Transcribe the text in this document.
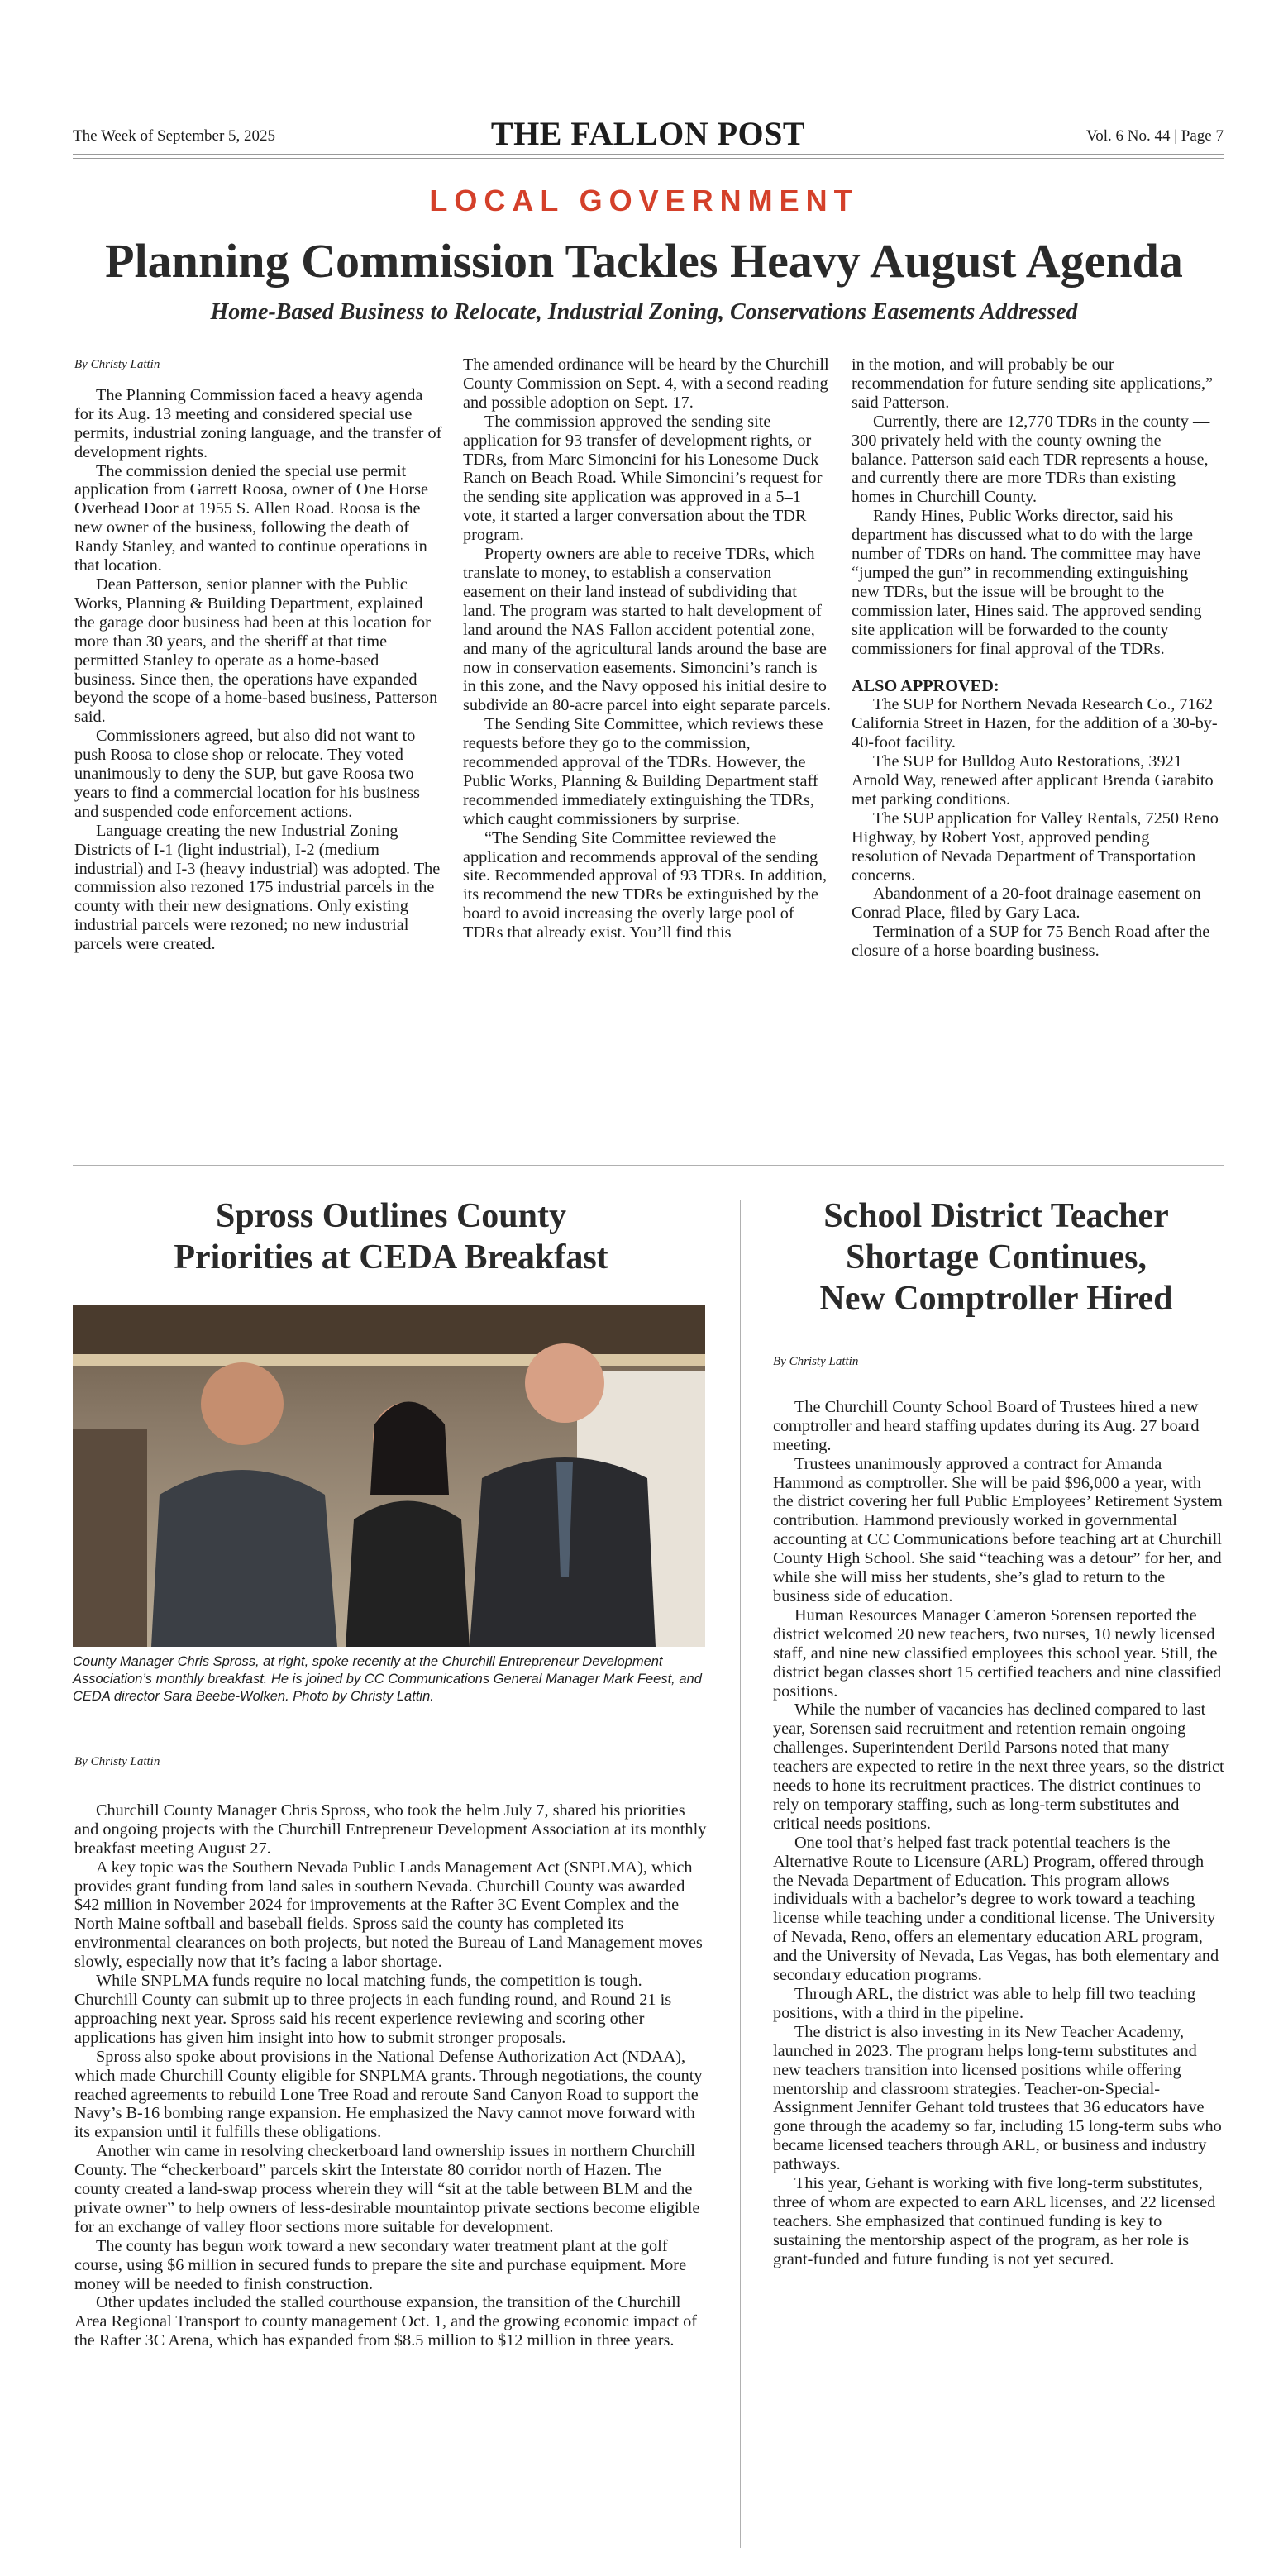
The Week of September 5, 2025	THE FALLON POST	Vol. 6 No. 44 | Page 7
LOCAL GOVERNMENT
Planning Commission Tackles Heavy August Agenda
Home-Based Business to Relocate, Industrial Zoning, Conservations Easements Addressed
By Christy Lattin

The Planning Commission faced a heavy agenda for its Aug. 13 meeting and considered special use permits, industrial zoning language, and the transfer of development rights.

The commission denied the special use permit application from Garrett Roosa, owner of One Horse Overhead Door at 1955 S. Allen Road. Roosa is the new owner of the business, following the death of Randy Stanley, and wanted to continue operations in that location.

Dean Patterson, senior planner with the Public Works, Planning & Building Department, explained the garage door business had been at this location for more than 30 years, and the sheriff at that time permitted Stanley to operate as a home-based business. Since then, the operations have expanded beyond the scope of a home-based business, Patterson said.

Commissioners agreed, but also did not want to push Roosa to close shop or relocate. They voted unanimously to deny the SUP, but gave Roosa two years to find a commercial location for his business and suspended code enforcement actions.

Language creating the new Industrial Zoning Districts of I-1 (light industrial), I-2 (medium industrial) and I-3 (heavy industrial) was adopted. The commission also rezoned 175 industrial parcels in the county with their new designations. Only existing industrial parcels were rezoned; no new industrial parcels were created.

The amended ordinance will be heard by the Churchill County Commission on Sept. 4, with a second reading and possible adoption on Sept. 17.

The commission approved the sending site application for 93 transfer of development rights, or TDRs, from Marc Simoncini for his Lonesome Duck Ranch on Beach Road. While Simoncini’s request for the sending site application was approved in a 5–1 vote, it started a larger conversation about the TDR program.

Property owners are able to receive TDRs, which translate to money, to establish a conservation easement on their land instead of subdividing that land. The program was started to halt development of land around the NAS Fallon accident potential zone, and many of the agricultural lands around the base are now in conservation easements. Simoncini’s ranch is in this zone, and the Navy opposed his initial desire to subdivide an 80-acre parcel into eight separate parcels.

The Sending Site Committee, which reviews these requests before they go to the commission, recommended approval of the TDRs. However, the Public Works, Planning & Building Department staff recommended immediately extinguishing the TDRs, which caught commissioners by surprise.

“The Sending Site Committee reviewed the application and recommends approval of the sending site. Recommended approval of 93 TDRs. In addition, its recommend the new TDRs be extinguished by the board to avoid increasing the overly large pool of TDRs that already exist. You’ll find this

in the motion, and will probably be our recommendation for future sending site applications,” said Patterson.

Currently, there are 12,770 TDRs in the county — 300 privately held with the county owning the balance. Patterson said each TDR represents a house, and currently there are more TDRs than existing homes in Churchill County.

Randy Hines, Public Works director, said his department has discussed what to do with the large number of TDRs on hand. The committee may have “jumped the gun” in recommending extinguishing new TDRs, but the issue will be brought to the commission later, Hines said. The approved sending site application will be forwarded to the county commissioners for final approval of the TDRs.

ALSO APPROVED:

The SUP for Northern Nevada Research Co., 7162 California Street in Hazen, for the addition of a 30-by-40-foot facility.

The SUP for Bulldog Auto Restorations, 3921 Arnold Way, renewed after applicant Brenda Garabito met parking conditions.

The SUP application for Valley Rentals, 7250 Reno Highway, by Robert Yost, approved pending resolution of Nevada Department of Transportation concerns.

Abandonment of a 20-foot drainage easement on Conrad Place, filed by Gary Laca.

Termination of a SUP for 75 Bench Road after the closure of a horse boarding business.

Spross Outlines County
Priorities at CEDA Breakfast
County Manager Chris Spross, at right, spoke recently at the Churchill Entrepreneur Development Association’s monthly breakfast. He is joined by CC Communications General Manager Mark Feest, and CEDA director Sara Beebe-Wolken. Photo by Christy Lattin.
By Christy Lattin

Churchill County Manager Chris Spross, who took the helm July 7, shared his priorities and ongoing projects with the Churchill Entrepreneur Development Association at its monthly breakfast meeting August 27.

A key topic was the Southern Nevada Public Lands Management Act (SNPLMA), which provides grant funding from land sales in southern Nevada. Churchill County was awarded $42 million in November 2024 for improvements at the Rafter 3C Event Complex and the North Maine softball and baseball fields. Spross said the county has completed its environmental clearances on both projects, but noted the Bureau of Land Management moves slowly, especially now that it’s facing a labor shortage.

While SNPLMA funds require no local matching funds, the competition is tough. Churchill County can submit up to three projects in each funding round, and Round 21 is approaching next year. Spross said his recent experience reviewing and scoring other applications has given him insight into how to submit stronger proposals.

Spross also spoke about provisions in the National Defense Authorization Act (NDAA), which made Churchill County eligible for SNPLMA grants. Through negotiations, the county reached agreements to rebuild Lone Tree Road and reroute Sand Canyon Road to support the Navy’s B-16 bombing range expansion. He emphasized the Navy cannot move forward with its expansion until it fulfills these obligations.

Another win came in resolving checkerboard land ownership issues in northern Churchill County. The “checkerboard” parcels skirt the Interstate 80 corridor north of Hazen. The county created a land-swap process wherein they will “sit at the table between BLM and the private owner” to help owners of less-desirable mountaintop private sections become eligible for an exchange of valley floor sections more suitable for development.

The county has begun work toward a new secondary water treatment plant at the golf course, using $6 million in secured funds to prepare the site and purchase equipment. More money will be needed to finish construction.

Other updates included the stalled courthouse expansion, the transition of the Churchill Area Regional Transport to county management Oct. 1, and the growing economic impact of the Rafter 3C Arena, which has expanded from $8.5 million to $12 million in three years.

School District Teacher
Shortage Continues,
New Comptroller Hired
By Christy Lattin

The Churchill County School Board of Trustees hired a new comptroller and heard staffing updates during its Aug. 27 board meeting.

Trustees unanimously approved a contract for Amanda Hammond as comptroller. She will be paid $96,000 a year, with the district covering her full Public Employees’ Retirement System contribution. Hammond previously worked in governmental accounting at CC Communications before teaching art at Churchill County High School. She said “teaching was a detour” for her, and while she will miss her students, she’s glad to return to the business side of education.

Human Resources Manager Cameron Sorensen reported the district welcomed 20 new teachers, two nurses, 10 newly licensed staff, and nine new classified employees this school year. Still, the district began classes short 15 certified teachers and nine classified positions.

While the number of vacancies has declined compared to last year, Sorensen said recruitment and retention remain ongoing challenges. Superintendent Derild Parsons noted that many teachers are expected to retire in the next three years, so the district needs to hone its recruitment practices. The district continues to rely on temporary staffing, such as long-term substitutes and critical needs positions.

One tool that’s helped fast track potential teachers is the Alternative Route to Licensure (ARL) Program, offered through the Nevada Department of Education. This program allows individuals with a bachelor’s degree to work toward a teaching license while teaching under a conditional license. The University of Nevada, Reno, offers an elementary education ARL program, and the University of Nevada, Las Vegas, has both elementary and secondary education programs.

Through ARL, the district was able to help fill two teaching positions, with a third in the pipeline.

The district is also investing in its New Teacher Academy, launched in 2023. The program helps long-term substitutes and new teachers transition into licensed positions while offering mentorship and classroom strategies. Teacher-on-Special-Assignment Jennifer Gehant told trustees that 36 educators have gone through the academy so far, including 15 long-term subs who became licensed teachers through ARL, or business and industry pathways.

This year, Gehant is working with five long-term substitutes, three of whom are expected to earn ARL licenses, and 22 licensed teachers. She emphasized that continued funding is key to sustaining the mentorship aspect of the program, as her role is grant-funded and future funding is not yet secured.
